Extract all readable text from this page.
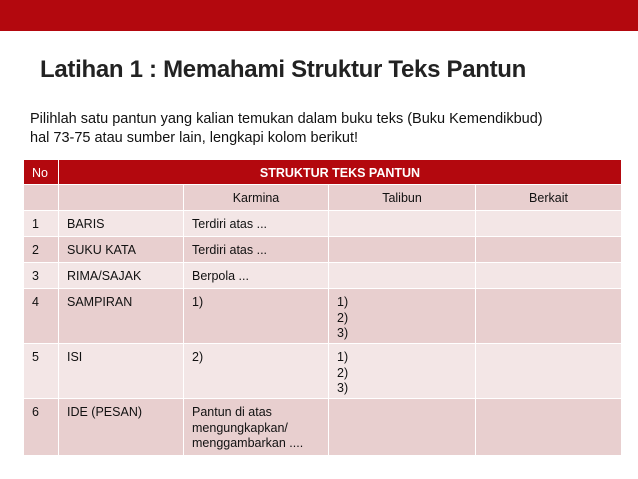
Latihan 1 : Memahami Struktur Teks Pantun
Pilihlah satu pantun yang kalian temukan dalam buku teks (Buku Kemendikbud)
hal 73-75 atau sumber lain, lengkapi kolom berikut!
No	STRUKTUR TEKS PANTUN			
		Karmina	Talibun	Berkait
1	BARIS	Terdiri atas ...		

2	SUKU KATA	Terdiri atas ...		

3	RIMA/SAJAK	Berpola ...		

4	SAMPIRAN	1)	1)
2)
3)	

5	ISI	2)	1)
2)
3)	

6	IDE (PESAN)	Pantun di atas
mengungkapkan/
menggambarkan ....		
